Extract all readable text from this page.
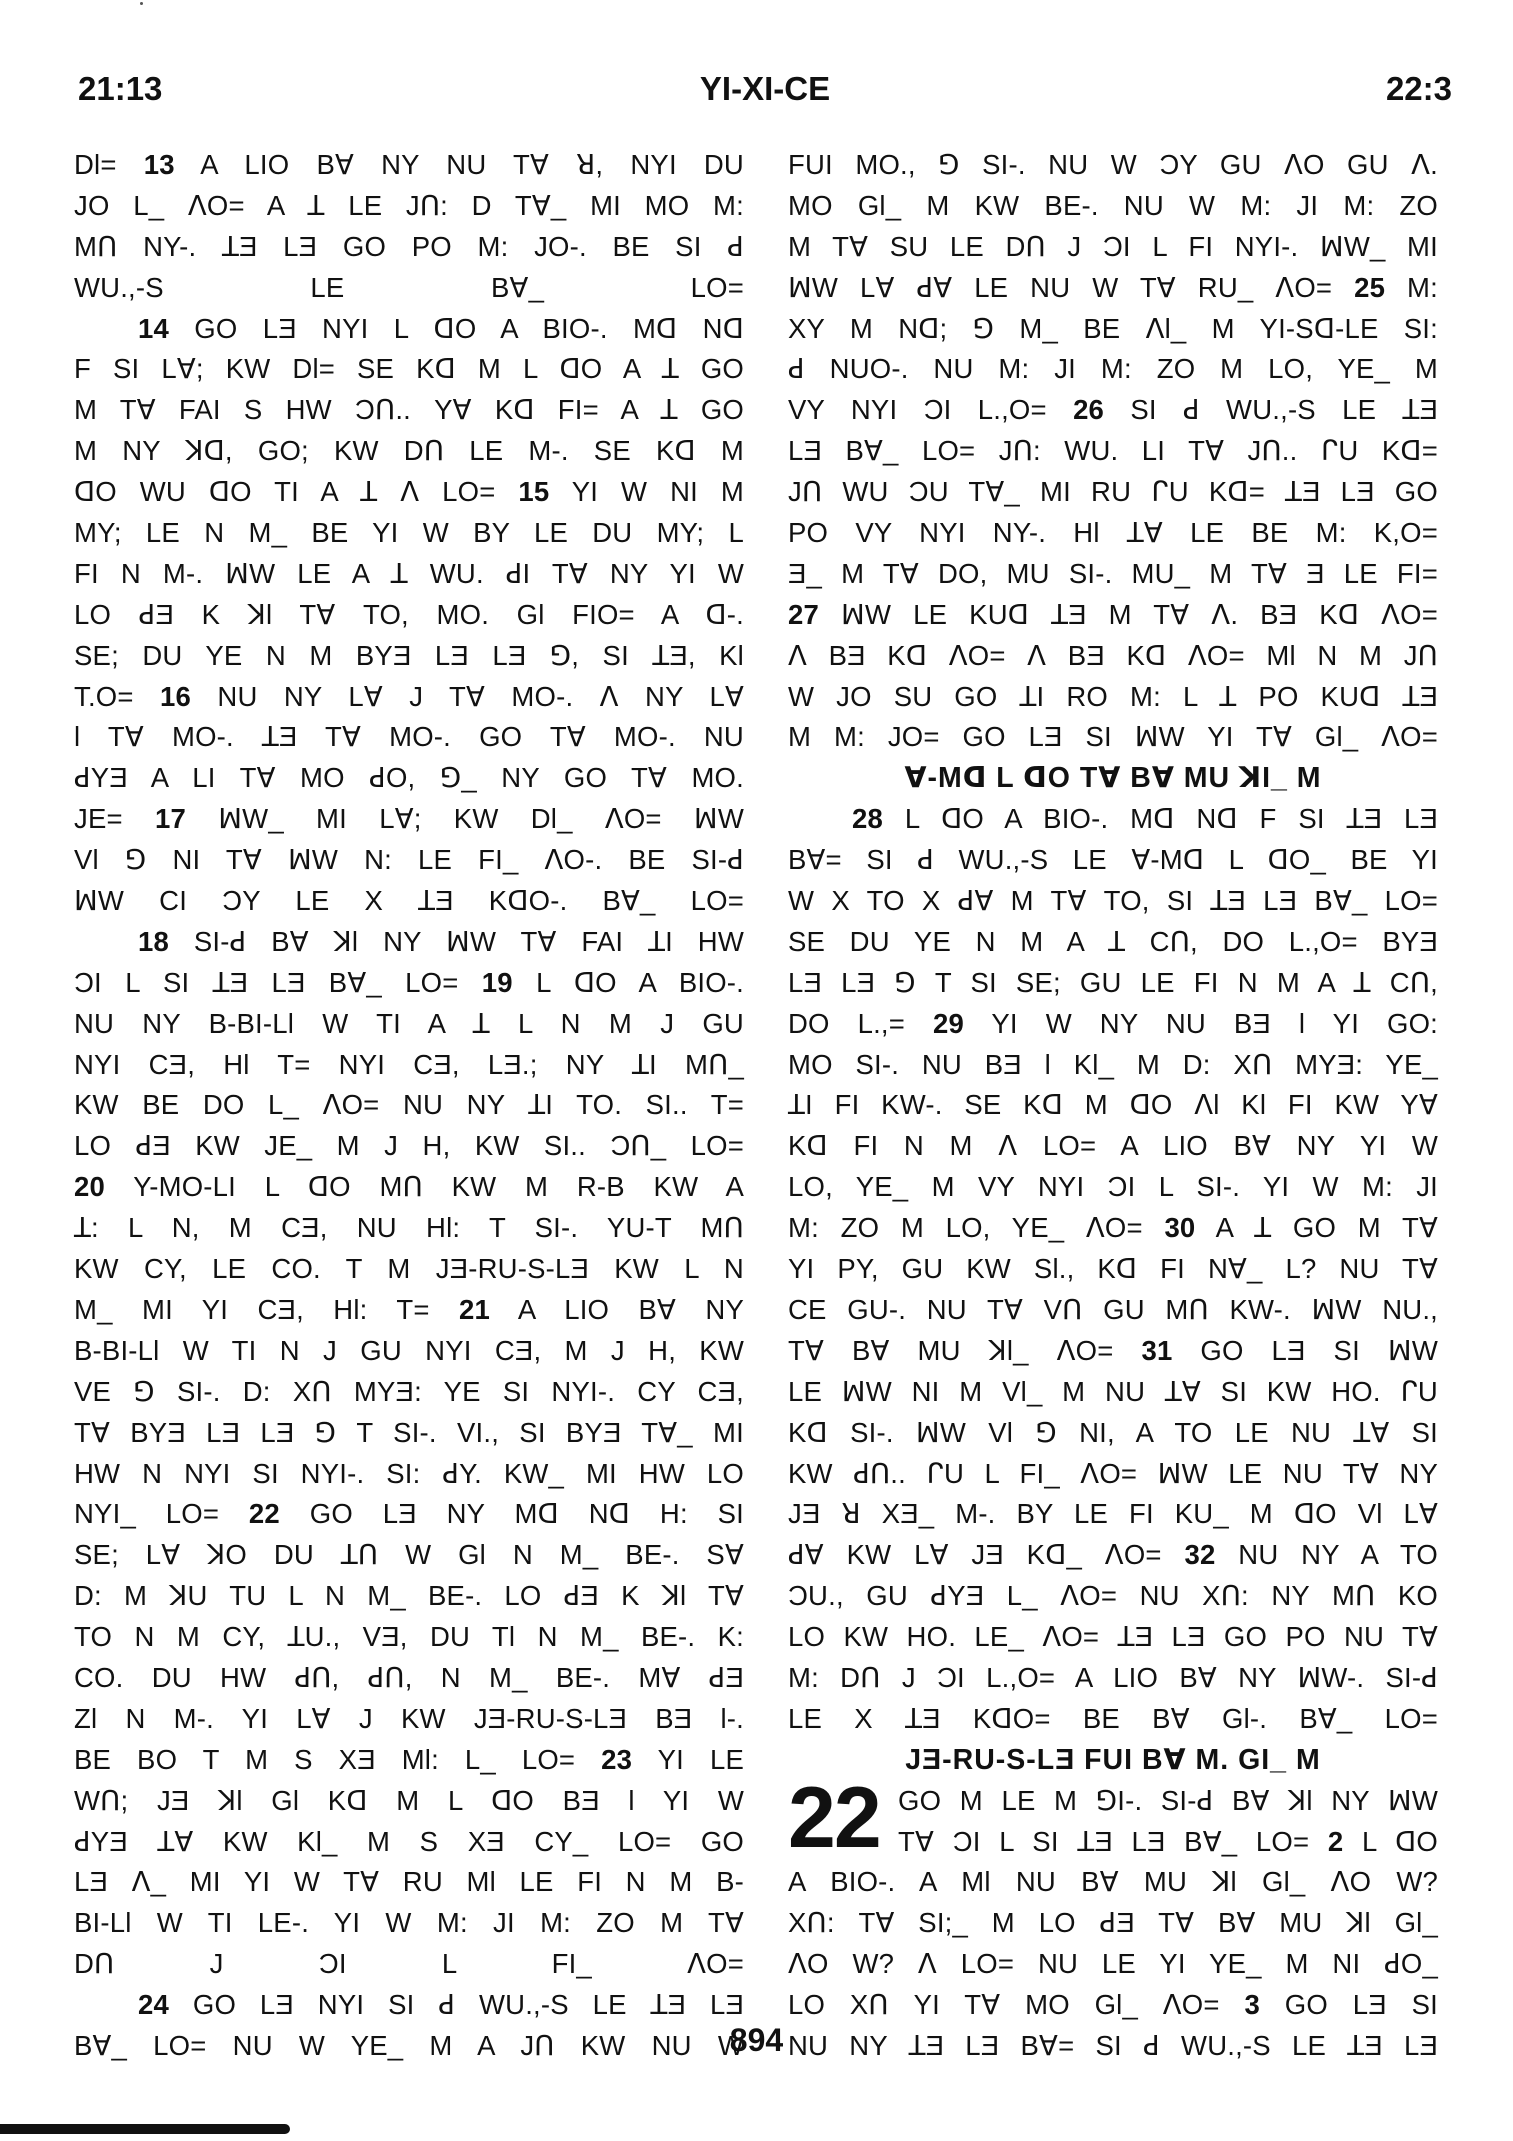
21:13	YI-XI-CE	22:3
DƖ= 13 A LIO Bꓯ NY NU Tꓯ ꓤ, NYI DU
JO L_ ꓥO= A ꓕ LE Jꓵ: D Tꓯ_ MI MO M:
Mꓵ NY-. ꓕƎ LƎ GO PO M: JO-. BE SI ꓒ
WU.,-S LE Bꓯ_ LO=
14 GO LƎ NYI L ꓷO A BIO-. Mꓷ Nꓷ
F SI Lꓯ; KW DƖ= SE Kꓷ M L ꓷO A ꓕ GO
M Tꓯ FAI S HW Ͻꓵ.. Yꓯ Kꓷ FI= A ꓕ GO
M NY ꓘꓷ, GO; KW Dꓵ LE M-. SE Kꓷ M
ꓷO WU ꓷO TI A ꓕ ꓥ LO= 15 YI W NI M
MY; LE N M_ BE YI W BY LE DU MY; L
FI N M-. ꟽW LE A ꓕ WU. ꓒI Tꓯ NY YI W
LO ꓒƎ K ꓘƖ Tꓯ TO, MO. GƖ FIO= A ꓷ-.
SE; DU YE N M BYƎ LƎ LƎ ꓨ, SI ꓕƎ, KƖ
T.O= 16 NU NY Lꓯ J Tꓯ MO-. ꓥ NY Lꓯ
Ɩ Tꓯ MO-. ꓕƎ Tꓯ MO-. GO Tꓯ MO-. NU
ꓒYƎ A LI Tꓯ MO ꓒO, ꓨ_ NY GO Tꓯ MO.
JE= 17 ꟽW_ MI Lꓯ; KW DƖ_ ꓥO= ꟽW
VƖ ꓨ NI Tꓯ ꟽW N: LE FI_ ꓥO-. BE SI-ꓒ
ꟽW CI ϽY LE X ꓕƎ KꓷO-. Bꓯ_ LO=
18 SI-ꓒ Bꓯ ꓘƖ NY ꟽW Tꓯ FAI ꓕI HW
ϽI L SI ꓕƎ LƎ Bꓯ_ LO= 19 L ꓷO A BIO-.
NU NY B-BI-LƖ W TI A ꓕ L N M J GU
NYI CƎ, HƖ T= NYI CƎ, LƎ.; NY ꓕI Mꓵ_
KW BE DO L_ ꓥO= NU NY ꓕI TO. SI.. T=
LO ꓒƎ KW JE_ M J H, KW SI.. Ͻꓵ_ LO=
20 Y-MO-LI L ꓷO Mꓵ KW M R-B KW A
ꓕ: L N, M CƎ, NU HƖ: T SI-. YU-T Mꓵ
KW CY, LE CO. T M JƎ-RU-S-LƎ KW L N
M_ MI YI CƎ, HƖ: T= 21 A LIO Bꓯ NY
B-BI-LƖ W TI N J GU NYI CƎ, M J H, KW
VE ꓨ SI-. D: Xꓵ MYƎ: YE SI NYI-. CY CƎ,
Tꓯ BYƎ LƎ LƎ ꓨ T SI-. VI., SI BYƎ Tꓯ_ MI
HW N NYI SI NYI-. SI: ꓒY. KW_ MI HW LO
NYI_ LO= 22 GO LƎ NY Mꓷ Nꓷ H: SI
SE; Lꓯ ꓘO DU ꓕꓵ W GƖ N M_ BE-. Sꓯ
D: M ꓘU TU L N M_ BE-. LO ꓒƎ K ꓘƖ Tꓯ
TO N M CY, ꓕU., VƎ, DU TƖ N M_ BE-. K:
CO. DU HW ꓒꓵ, ꓒꓵ, N M_ BE-. Mꓯ ꓒƎ
ZƖ N M-. YI Lꓯ J KW JƎ-RU-S-LƎ BƎ Ɩ-.
BE BO T M S XƎ MƖ: L_ LO= 23 YI LE
Wꓵ; JƎ ꓘƖ GƖ Kꓷ M L ꓷO BƎ Ɩ YI W
ꓒYƎ ꓕꓯ KW KƖ_ M S XƎ CY_ LO= GO
LƎ ꓥ_ MI YI W Tꓯ RU MƖ LE FI N M B-
BI-LƖ W TI LE-. YI W M: JI M: ZO M Tꓯ
Dꓵ J ϽI L FI_ ꓥO=
24 GO LƎ NYI SI ꓒ WU.,-S LE ꓕƎ LƎ
Bꓯ_ LO= NU W YE_ M A Jꓵ KW NU W
FUI MO., ꓨ SI-. NU W ϽY GU ꓥO GU ꓥ.
MO GƖ_ M KW BE-. NU W M: JI M: ZO
M Tꓯ SU LE Dꓵ J ϽI L FI NYI-. ꟽW_ MI
ꟽW Lꓯ ꓒꓯ LE NU W Tꓯ RU_ ꓥO= 25 M:
XY M Nꓷ; ꓨ M_ BE ꓥƖ_ M YI-Sꓷ-LE SI:
ꓒ NUO-. NU M: JI M: ZO M LO, YE_ M
VY NYI ϽI L.,O= 26 SI ꓒ WU.,-S LE ꓕƎ
LƎ Bꓯ_ LO= Jꓵ: WU. LI Tꓯ Jꓵ.. ᒋU Kꓷ=
Jꓵ WU ϽU Tꓯ_ MI RU ᒋU Kꓷ= ꓕƎ LƎ GO
PO VY NYI NY-. HƖ ꓕꓯ LE BE M: K,O=
Ǝ_ M Tꓯ DO, MU SI-. MU_ M Tꓯ Ǝ LE FI=
27 ꟽW LE KUꓷ ꓕƎ M Tꓯ ꓥ. BƎ Kꓷ ꓥO=
ꓥ BƎ Kꓷ ꓥO= ꓥ BƎ Kꓷ ꓥO= MƖ N M Jꓵ
W JO SU GO ꓕI RO M: L ꓕ PO KUꓷ ꓕƎ
M M: JO= GO LƎ SI ꟽW YI Tꓯ GƖ_ ꓥO=
ꓯ-Mꓷ L ꓷO Tꓯ Bꓯ MU ꓘƖ_ M
28 L ꓷO A BIO-. Mꓷ Nꓷ F SI ꓕƎ LƎ
Bꓯ= SI ꓒ WU.,-S LE ꓯ-Mꓷ L ꓷO_ BE YI
W X TO X ꓒꓯ M Tꓯ TO, SI ꓕƎ LƎ Bꓯ_ LO=
SE DU YE N M A ꓕ Cꓵ, DO L.,O= BYƎ
LƎ LƎ ꓨ T SI SE; GU LE FI N M A ꓕ Cꓵ,
DO L.,= 29 YI W NY NU BƎ Ɩ YI GO:
MO SI-. NU BƎ Ɩ KƖ_ M D: Xꓵ MYƎ: YE_
ꓕI FI KW-. SE Kꓷ M ꓷO ꓥƖ KƖ FI KW Yꓯ
Kꓷ FI N M ꓥ LO= A LIO Bꓯ NY YI W
LO, YE_ M VY NYI ϽI L SI-. YI W M: JI
M: ZO M LO, YE_ ꓥO= 30 A ꓕ GO M Tꓯ
YI PY, GU KW SƖ., Kꓷ FI Nꓯ_ L? NU Tꓯ
CE GU-. NU Tꓯ Vꓵ GU Mꓵ KW-. ꟽW NU.,
Tꓯ Bꓯ MU ꓘƖ_ ꓥO= 31 GO LƎ SI ꟽW
LE ꟽW NI M VƖ_ M NU ꓕꓯ SI KW HO. ᒋU
Kꓷ SI-. ꟽW VƖ ꓨ NI, A TO LE NU ꓕꓯ SI
KW ꓒꓵ.. ᒋU L FI_ ꓥO= ꟽW LE NU Tꓯ NY
JƎ ꓤ XƎ_ M-. BY LE FI KU_ M ꓷO VƖ Lꓯ
ꓒꓯ KW Lꓯ JƎ Kꓷ_ ꓥO= 32 NU NY A TO
ϽU., GU ꓒYƎ L_ ꓥO= NU Xꓵ: NY Mꓵ KO
LO KW HO. LE_ ꓥO= ꓕƎ LƎ GO PO NU Tꓯ
M: Dꓵ J ϽI L.,O= A LIO Bꓯ NY ꟽW-. SI-ꓒ
LE X ꓕƎ KꓷO= BE Bꓯ GƖ-. Bꓯ_ LO=
JƎ-RU-S-LƎ FUI Bꓯ M. GƖ_ M
GO M LE M ꓨI-. SI-ꓒ Bꓯ ꓘƖ NY ꟽW
Tꓯ ϽI L SI ꓕƎ LƎ Bꓯ_ LO= 2 L ꓷO
A BIO-. A MƖ NU Bꓯ MU ꓘƖ GƖ_ ꓥO W?
Xꓵ: Tꓯ SI;_ M LO ꓒƎ Tꓯ Bꓯ MU ꓘƖ GƖ_
ꓥO W? ꓥ LO= NU LE YI YE_ M NI ꓒO_
LO Xꓵ YI Tꓯ MO GƖ_ ꓥO= 3 GO LƎ SI
NU NY ꓕƎ LƎ Bꓯ= SI ꓒ WU.,-S LE ꓕƎ LƎ
22
894
